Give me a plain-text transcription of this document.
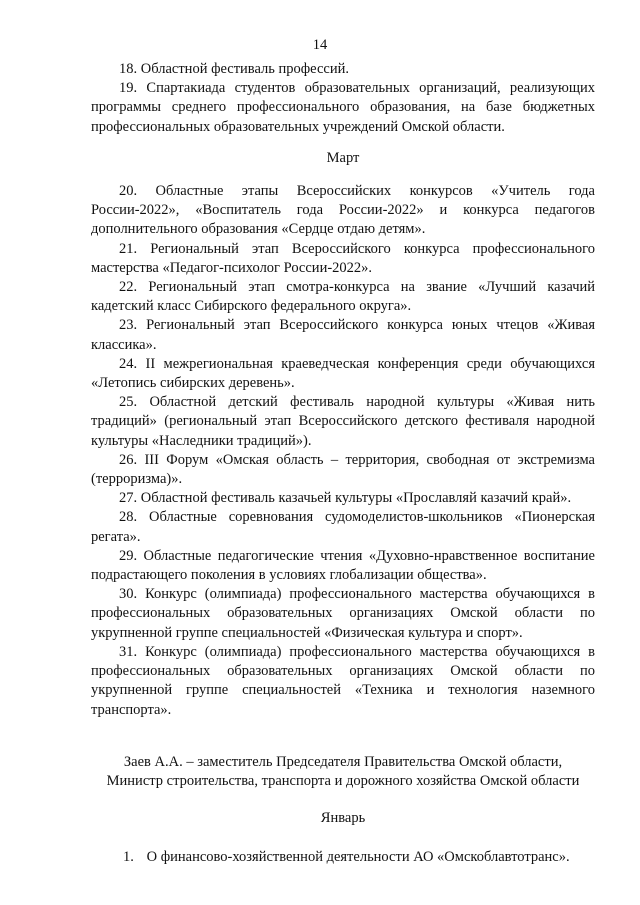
14

18. Областной фестиваль профессий.

19. Спартакиада студентов образовательных организаций, реализующих программы среднего профессионального образования, на базе бюджетных профессиональных образовательных учреждений Омской области.

Март

20. Областные этапы Всероссийских конкурсов «Учитель года России-2022», «Воспитатель года России-2022» и конкурса педагогов дополнительного образования «Сердце отдаю детям».

21. Региональный этап Всероссийского конкурса профессионального мастерства «Педагог-психолог России-2022».

22. Региональный этап смотра-конкурса на звание «Лучший казачий кадетский класс Сибирского федерального округа».

23. Региональный этап Всероссийского конкурса юных чтецов «Живая классика».

24. II межрегиональная краеведческая конференция среди обучающихся «Летопись сибирских деревень».

25. Областной детский фестиваль народной культуры «Живая нить традиций» (региональный этап Всероссийского детского фестиваля народной культуры «Наследники традиций»).

26. III Форум «Омская область – территория, свободная от экстремизма (терроризма)».

27. Областной фестиваль казачьей культуры «Прославляй казачий край».

28. Областные соревнования судомоделистов-школьников «Пионерская регата».

29. Областные педагогические чтения «Духовно-нравственное воспитание подрастающего поколения в условиях глобализации общества».

30. Конкурс (олимпиада) профессионального мастерства обучающихся в профессиональных образовательных организациях Омской области по укрупненной группе специальностей «Физическая культура и спорт».

31. Конкурс (олимпиада) профессионального мастерства обучающихся в профессиональных образовательных организациях Омской области по укрупненной группе специальностей «Техника и технология наземного транспорта».

Заев А.А. – заместитель Председателя Правительства Омской области,
Министр строительства, транспорта и дорожного хозяйства Омской области

Январь

1. О финансово-хозяйственной деятельности АО «Омскоблавтотранс».
